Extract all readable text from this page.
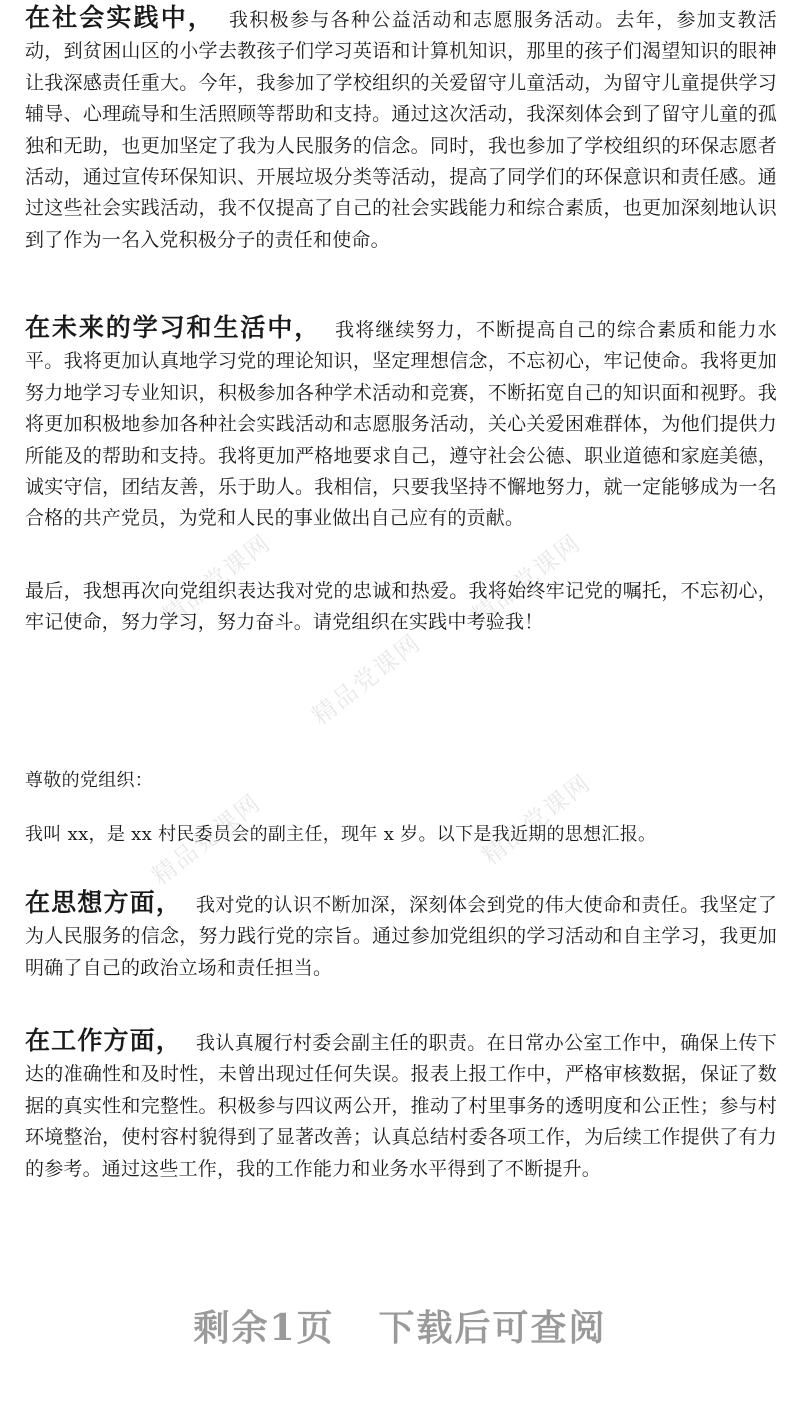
精品党课网	精品党课网
精品党课网
精品党课网	精品党课网
在社会实践中， 我积极参与各种公益活动和志愿服务活动。去年，参加支教活动，到贫困山区的小学去教孩子们学习英语和计算机知识，那里的孩子们渴望知识的眼神让我深感责任重大。今年，我参加了学校组织的关爱留守儿童活动，为留守儿童提供学习辅导、心理疏导和生活照顾等帮助和支持。通过这次活动，我深刻体会到了留守儿童的孤独和无助，也更加坚定了我为人民服务的信念。同时，我也参加了学校组织的环保志愿者活动，通过宣传环保知识、开展垃圾分类等活动，提高了同学们的环保意识和责任感。通过这些社会实践活动，我不仅提高了自己的社会实践能力和综合素质，也更加深刻地认识到了作为一名入党积极分子的责任和使命。
在未来的学习和生活中， 我将继续努力，不断提高自己的综合素质和能力水平。我将更加认真地学习党的理论知识，坚定理想信念，不忘初心，牢记使命。我将更加努力地学习专业知识，积极参加各种学术活动和竞赛，不断拓宽自己的知识面和视野。我将更加积极地参加各种社会实践活动和志愿服务活动，关心关爱困难群体，为他们提供力所能及的帮助和支持。我将更加严格地要求自己，遵守社会公德、职业道德和家庭美德，诚实守信，团结友善，乐于助人。我相信，只要我坚持不懈地努力，就一定能够成为一名合格的共产党员，为党和人民的事业做出自己应有的贡献。
最后，我想再次向党组织表达我对党的忠诚和热爱。我将始终牢记党的嘱托，不忘初心，牢记使命，努力学习，努力奋斗。请党组织在实践中考验我！
尊敬的党组织：
我叫 xx，是 xx 村民委员会的副主任，现年 x 岁。以下是我近期的思想汇报。
在思想方面， 我对党的认识不断加深，深刻体会到党的伟大使命和责任。我坚定了为人民服务的信念，努力践行党的宗旨。通过参加党组织的学习活动和自主学习，我更加明确了自己的政治立场和责任担当。
在工作方面， 我认真履行村委会副主任的职责。在日常办公室工作中，确保上传下达的准确性和及时性，未曾出现过任何失误。报表上报工作中，严格审核数据，保证了数据的真实性和完整性。积极参与四议两公开，推动了村里事务的透明度和公正性；参与村环境整治，使村容村貌得到了显著改善；认真总结村委各项工作，为后续工作提供了有力的参考。通过这些工作，我的工作能力和业务水平得到了不断提升。
剩余1页 下载后可查阅
